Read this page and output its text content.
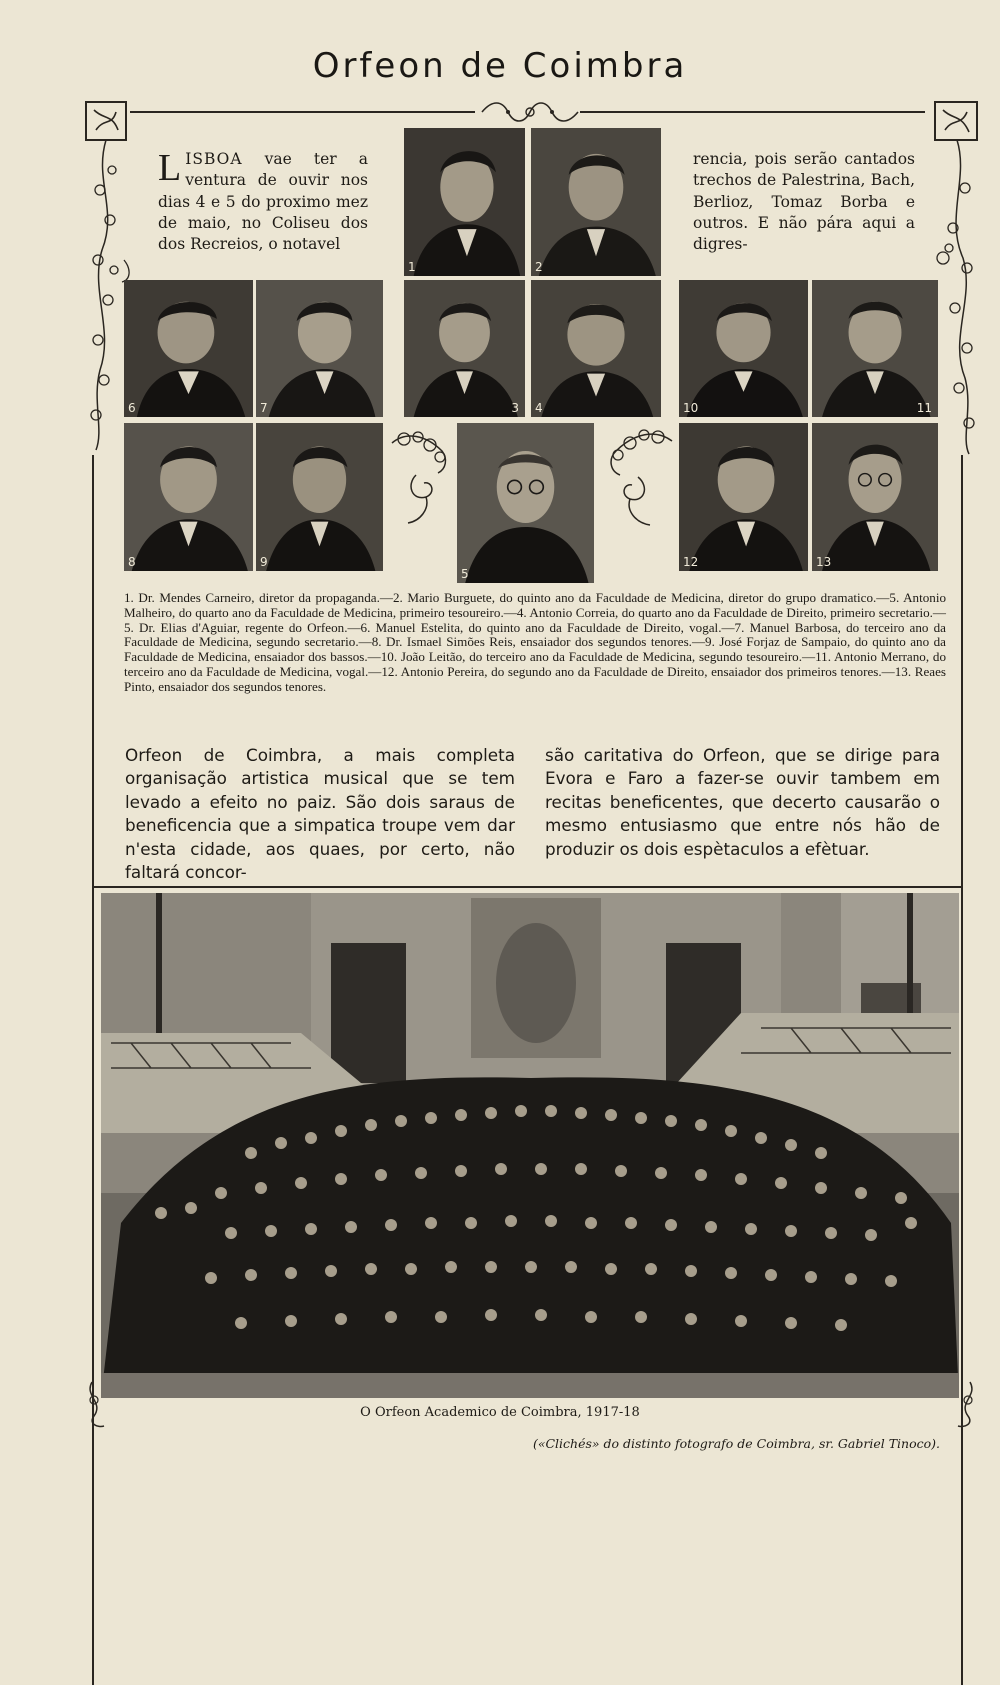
Orfeon de Coimbra

LISBOA vae ter a ventura de ouvir nos dias 4 e 5 do proximo mez de maio, no Coliseu dos dos Recreios, o notavel

rencia, pois serão cantados trechos de Palestrina, Bach, Berlioz, Tomaz Borba e outros. E não pára aqui a digres-

1	2
6	7	3 4	10	11
8	9
5
12	13

1. Dr. Mendes Carneiro, diretor da propaganda.—2. Mario Burguete, do quinto ano da Faculdade de Medicina, diretor do grupo dramatico.—5. Antonio Malheiro, do quarto ano da Faculdade de Medicina, primeiro tesoureiro.—4. Antonio Correia, do quarto ano da Faculdade de Direito, primeiro secretario.—5. Dr. Elias d'Aguiar, regente do Orfeon.—6. Manuel Estelita, do quinto ano da Faculdade de Direito, vogal.—7. Manuel Barbosa, do terceiro ano da Faculdade de Medicina, segundo secretario.—8. Dr. Ismael Simões Reis, ensaiador dos segundos tenores.—9. José Forjaz de Sampaio, do quinto ano da Faculdade de Medicina, ensaiador dos bassos.—10. João Leitão, do terceiro ano da Faculdade de Medicina, segundo tesoureiro.—11. Antonio Merrano, do terceiro ano da Faculdade de Medicina, vogal.—12. Antonio Pereira, do segundo ano da Faculdade de Direito, ensaiador dos primeiros tenores.—13. Reaes Pinto, ensaiador dos segundos tenores.

Orfeon de Coimbra, a mais completa organisação artistica musical que se tem levado a efeito no paiz. São dois saraus de beneficencia que a simpatica troupe vem dar n'esta cidade, aos quaes, por certo, não faltará concor-

são caritativa do Orfeon, que se dirige para Evora e Faro a fazer-se ouvir tambem em recitas beneficentes, que decerto causarão o mesmo entusiasmo que entre nós hão de produzir os dois espètaculos a efètuar.

O Orfeon Academico de Coimbra, 1917-18
(«Clichés» do distinto fotografo de Coimbra, sr. Gabriel Tinoco).
